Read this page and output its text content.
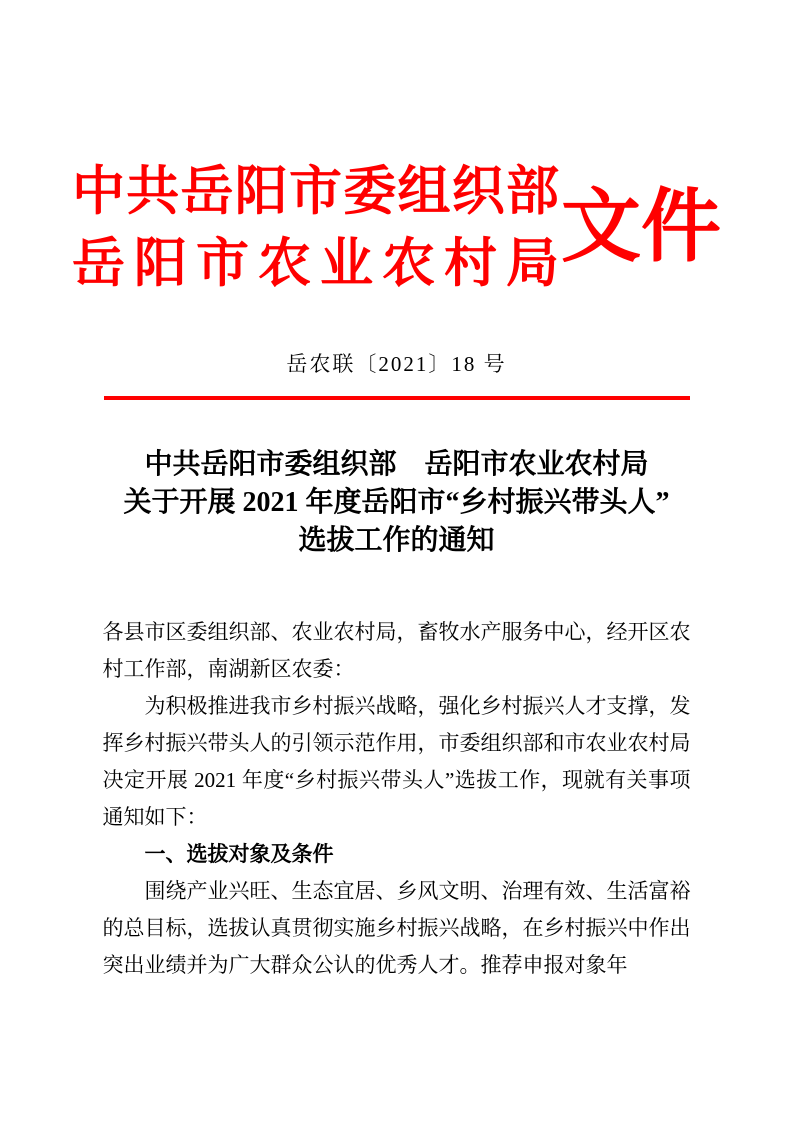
中共岳阳市委组织部
岳阳市农业农村局 文件
岳农联〔2021〕18 号
中共岳阳市委组织部　岳阳市农业农村局
关于开展 2021 年度岳阳市“乡村振兴带头人”
选拔工作的通知

各县市区委组织部、农业农村局，畜牧水产服务中心，经开区农村工作部，南湖新区农委：

为积极推进我市乡村振兴战略，强化乡村振兴人才支撑，发挥乡村振兴带头人的引领示范作用，市委组织部和市农业农村局决定开展 2021 年度“乡村振兴带头人”选拔工作，现就有关事项通知如下：

一、选拔对象及条件

围绕产业兴旺、生态宜居、乡风文明、治理有效、生活富裕的总目标，选拔认真贯彻实施乡村振兴战略，在乡村振兴中作出突出业绩并为广大群众公认的优秀人才。推荐申报对象年
